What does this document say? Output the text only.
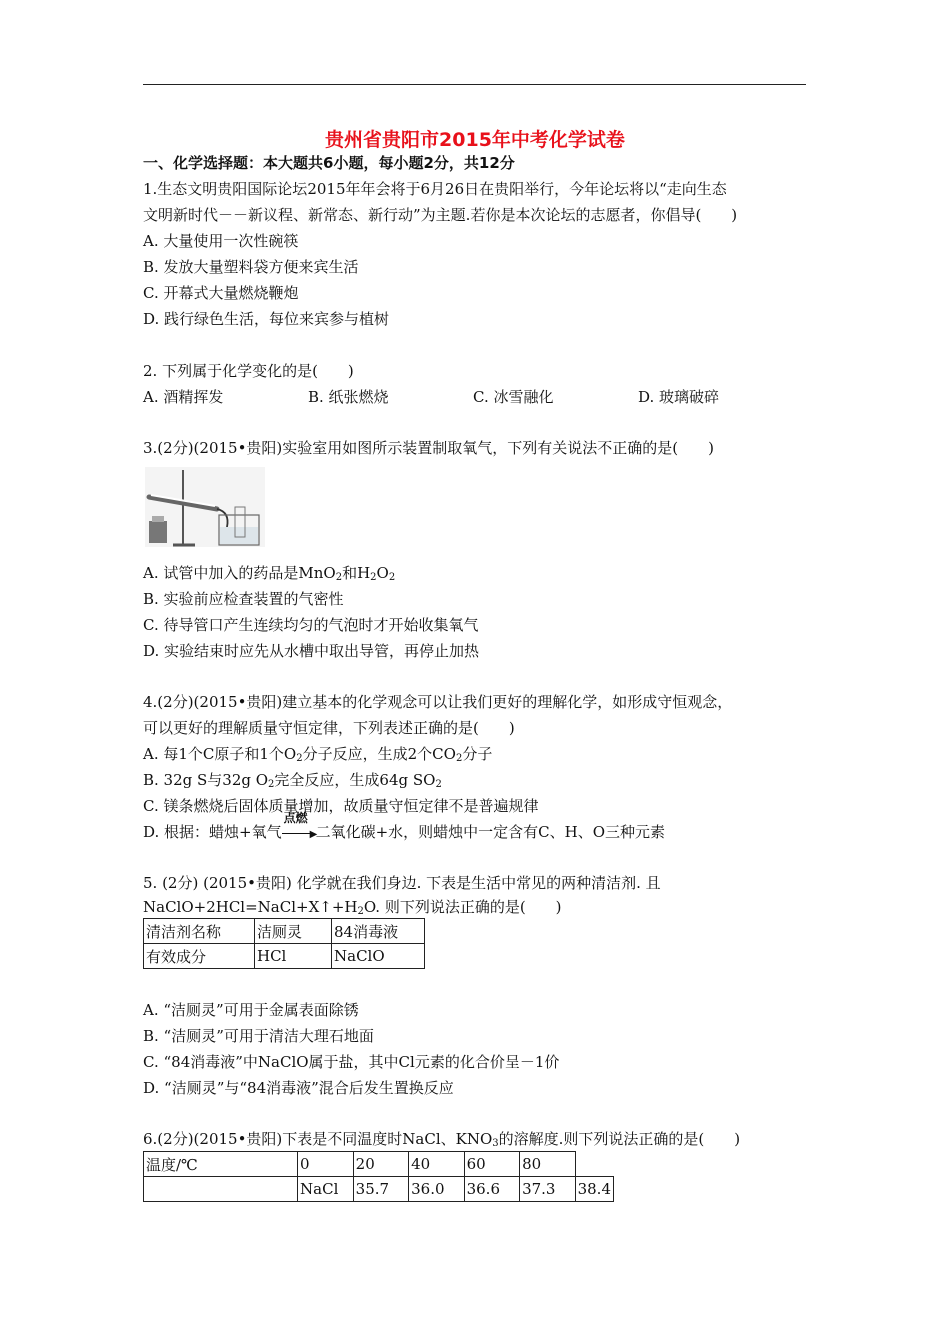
贵州省贵阳市2015年中考化学试卷
一、化学选择题：本大题共6小题，每小题2分，共12分
1.生态文明贵阳国际论坛2015年年会将于6月26日在贵阳举行，今年论坛将以“走向生态
文明新时代－－新议程、新常态、新行动”为主题.若你是本次论坛的志愿者，你倡导(　　)
A. 大量使用一次性碗筷
B. 发放大量塑料袋方便来宾生活
C. 开幕式大量燃烧鞭炮
D. 践行绿色生活，每位来宾参与植树
2. 下列属于化学变化的是(　　)
A. 酒精挥发	B. 纸张燃烧	C. 冰雪融化	D. 玻璃破碎
3.(2分)(2015•贵阳)实验室用如图所示装置制取氧气，下列有关说法不正确的是(　　)
A. 试管中加入的药品是MnO$_2$和$H_2O_2$
B. 实验前应检查装置的气密性
C. 待导管口产生连续均匀的气泡时才开始收集氧气
D. 实验结束时应先从水槽中取出导管，再停止加热
4.(2分)(2015•贵阳)建立基本的化学观念可以让我们更好的理解化学，如形成守恒观念，
可以更好的理解质量守恒定律，下列表述正确的是(　　)
A. 每1个C原子和1个$O_2$分子反应，生成2个$CO_2$分子
B. 32g S与32g $O_2$完全反应，生成64g $SO_2$
C. 镁条燃烧后固体质量增加，故质量守恒定律不是普遍规律
D. 根据：蜡烛+氧气
点燃
▶
二氧化碳+水，则蜡烛中一定含有C、H、O三种元素
5. (2分) (2015•贵阳) 化学就在我们身边. 下表是生活中常见的两种清洁剂. 且
$NaClO+2HCl=NaCl+X↑+H_2O$. 则下列说法正确的是(　　)
清洁剂名称	洁厕灵	84消毒液
有效成分	HCl	NaClO
A. “洁厕灵”可用于金属表面除锈
B. “洁厕灵”可用于清洁大理石地面
C. “84消毒液”中NaClO属于盐，其中Cl元素的化合价呈－1价
D. “洁厕灵”与“84消毒液”混合后发生置换反应
6.(2分)(2015•贵阳)下表是不同温度时NaCl、$KNO_3$的溶解度.则下列说法正确的是(　　)
温度/℃	0	20	40	60	80	
	NaCl	35.7	36.0	36.6	37.3	38.4
